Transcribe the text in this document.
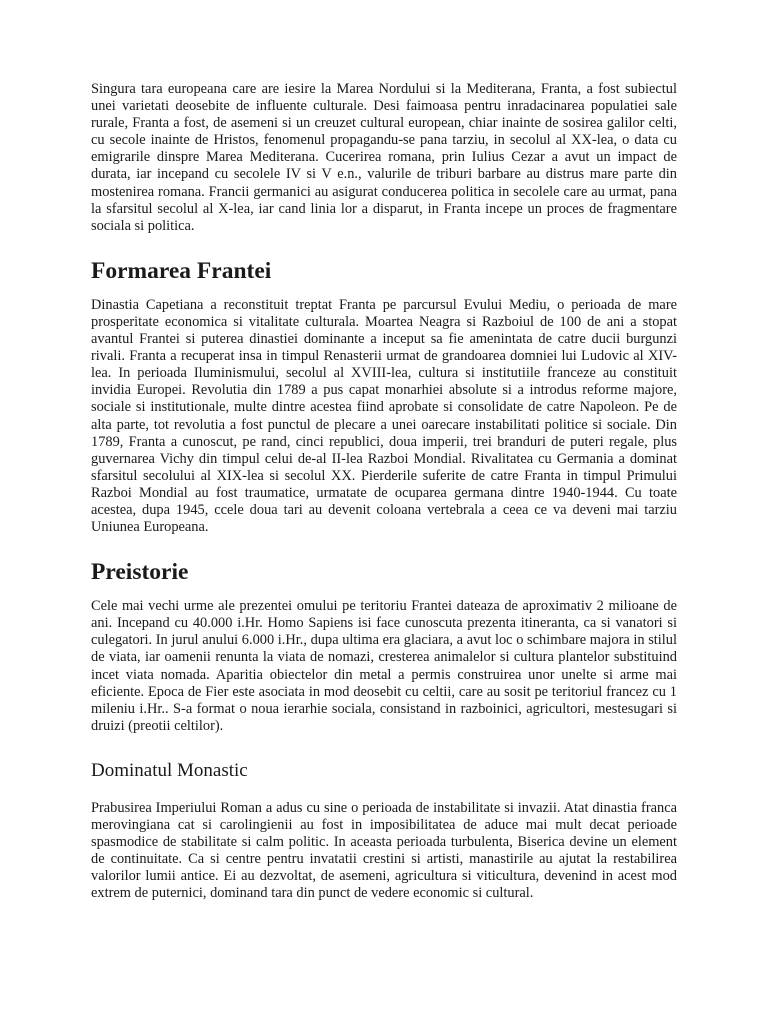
Singura tara europeana care are iesire la Marea Nordului si la Mediterana, Franta, a fost subiectul unei varietati deosebite de influente culturale. Desi faimoasa pentru inradacinarea populatiei sale rurale, Franta a fost, de asemeni si un creuzet cultural european, chiar inainte de sosirea galilor celti, cu secole inainte de Hristos, fenomenul propagandu-se pana tarziu, in secolul al XX-lea, o data cu emigrarile dinspre Marea Mediterana. Cucerirea romana, prin Iulius Cezar a avut un impact de durata, iar incepand cu secolele IV si V e.n., valurile de triburi barbare au distrus mare parte din mostenirea romana. Francii germanici au asigurat conducerea politica in secolele care au urmat, pana la sfarsitul secolul al X-lea, iar cand linia lor a disparut, in Franta incepe un proces de fragmentare sociala si politica.

Formarea Frantei

Dinastia Capetiana a reconstituit treptat Franta pe parcursul Evului Mediu, o perioada de mare prosperitate economica si vitalitate culturala. Moartea Neagra si Razboiul de 100 de ani a stopat avantul Frantei si puterea dinastiei dominante a inceput sa fie amenintata de catre ducii burgunzi rivali. Franta a recuperat insa in timpul Renasterii urmat de grandoarea domniei lui Ludovic al XIV-lea. In perioada Iluminismului, secolul al XVIII-lea, cultura si institutiile franceze au constituit invidia Europei. Revolutia din 1789 a pus capat monarhiei absolute si a introdus reforme majore, sociale si institutionale, multe dintre acestea fiind aprobate si consolidate de catre Napoleon. Pe de alta parte, tot revolutia a fost punctul de plecare a unei oarecare instabilitati politice si sociale. Din 1789, Franta a cunoscut, pe rand, cinci republici, doua imperii, trei branduri de puteri regale, plus guvernarea Vichy din timpul celui de-al II-lea Razboi Mondial. Rivalitatea cu Germania a dominat sfarsitul secolului al XIX-lea si secolul XX. Pierderile suferite de catre Franta in timpul Primului Razboi Mondial au fost traumatice, urmatate de ocuparea germana dintre 1940-1944. Cu toate acestea, dupa 1945, ccele doua tari au devenit coloana vertebrala a ceea ce va deveni mai tarziu Uniunea Europeana.

Preistorie

Cele mai vechi urme ale prezentei omului pe teritoriu Frantei dateaza de aproximativ 2 milioane de ani. Incepand cu 40.000 i.Hr. Homo Sapiens isi face cunoscuta prezenta itineranta, ca si vanatori si culegatori. In jurul anului 6.000 i.Hr., dupa ultima era glaciara, a avut loc o schimbare majora in stilul de viata, iar oamenii renunta la viata de nomazi, cresterea animalelor si cultura plantelor substituind incet viata nomada. Aparitia obiectelor din metal a permis construirea unor unelte si arme mai eficiente. Epoca de Fier este asociata in mod deosebit cu celtii, care au sosit pe teritoriul francez cu 1 mileniu i.Hr.. S-a format o noua ierarhie sociala, consistand in razboinici, agricultori, mestesugari si druizi (preotii celtilor).

Dominatul Monastic

Prabusirea Imperiului Roman a adus cu sine o perioada de instabilitate si invazii. Atat dinastia franca merovingiana cat si carolingienii au fost in imposibilitatea de aduce mai mult decat perioade spasmodice de stabilitate si calm politic. In aceasta perioada turbulenta, Biserica devine un element de continuitate. Ca si centre pentru invatatii crestini si artisti, manastirile au ajutat la restabilirea valorilor lumii antice. Ei au dezvoltat, de asemeni, agricultura si viticultura, devenind in acest mod extrem de puternici, dominand tara din punct de vedere economic si cultural.
